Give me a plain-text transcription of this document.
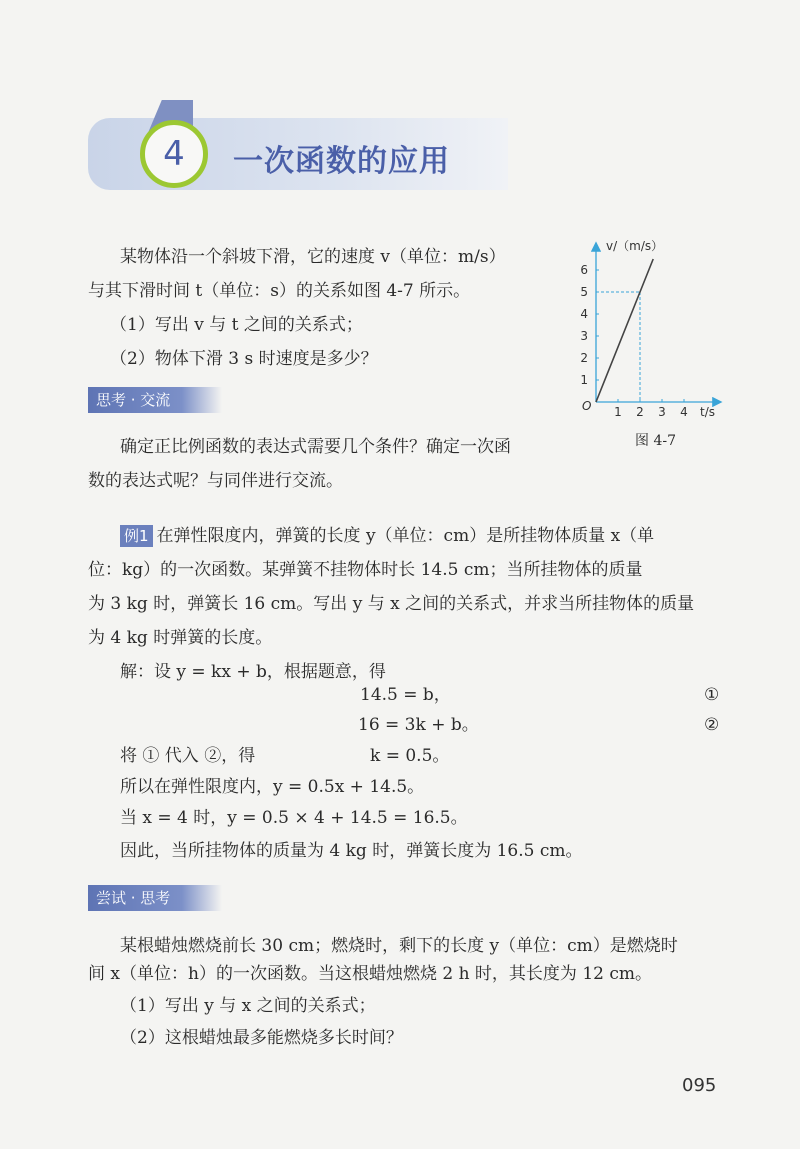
4	一次函数的应用
某物体沿一个斜坡下滑，它的速度 v（单位：m/s）
与其下滑时间 t（单位：s）的关系如图 4-7 所示。
（1）写出 v 与 t 之间的关系式；
（2）物体下滑 3 s 时速度是多少？
1 2 3 4
1
2
3
4
5
6
O
v/（m/s）
t/s
图 4-7
思考 · 交流
确定正比例函数的表达式需要几个条件？确定一次函
数的表达式呢？与同伴进行交流。
例1 在弹性限度内，弹簧的长度 y（单位：cm）是所挂物体质量 x（单
位：kg）的一次函数。某弹簧不挂物体时长 14.5 cm；当所挂物体的质量
为 3 kg 时，弹簧长 16 cm。写出 y 与 x 之间的关系式，并求当所挂物体的质量
为 4 kg 时弹簧的长度。
解：设 y = kx + b，根据题意，得
14.5 = b，	①
16 = 3k + b。	②
将 ① 代入 ②，得	k = 0.5。
所以在弹性限度内，y = 0.5x + 14.5。
当 x = 4 时，y = 0.5 × 4 + 14.5 = 16.5。
因此，当所挂物体的质量为 4 kg 时，弹簧长度为 16.5 cm。
尝试 · 思考
某根蜡烛燃烧前长 30 cm；燃烧时，剩下的长度 y（单位：cm）是燃烧时
间 x（单位：h）的一次函数。当这根蜡烛燃烧 2 h 时，其长度为 12 cm。
（1）写出 y 与 x 之间的关系式；
（2）这根蜡烛最多能燃烧多长时间？
095
